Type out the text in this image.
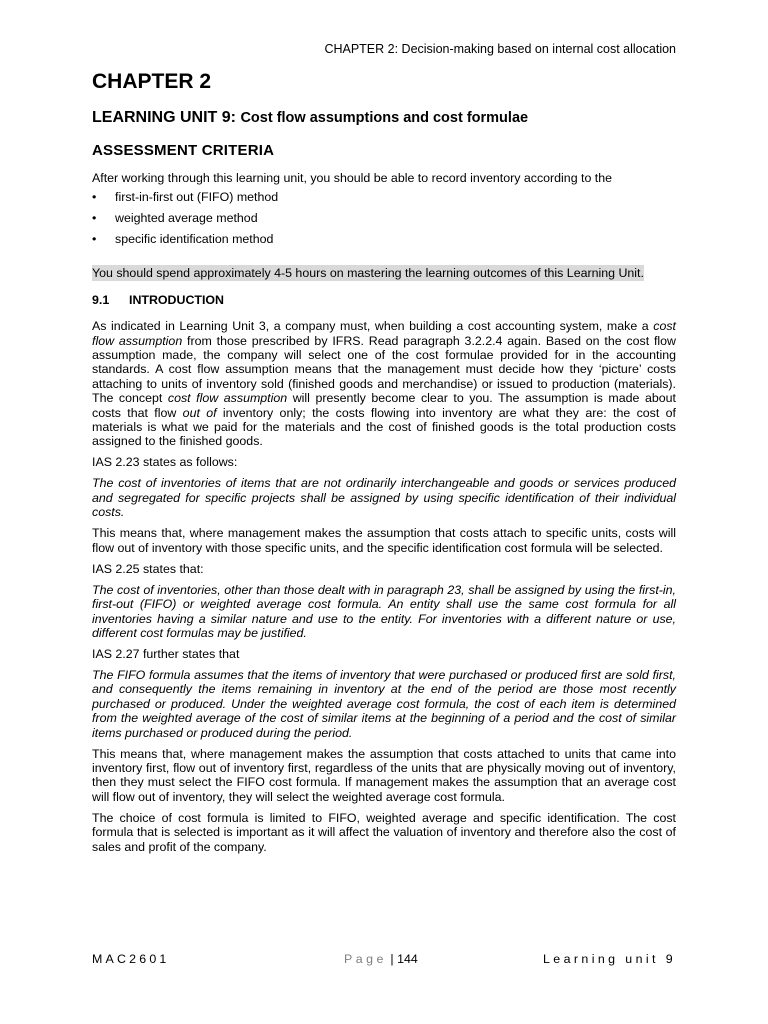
CHAPTER 2: Decision-making based on internal cost allocation
CHAPTER 2
LEARNING UNIT 9: Cost flow assumptions and cost formulae
ASSESSMENT CRITERIA

After working through this learning unit, you should be able to record inventory according to the

• first-in-first out (FIFO) method
• weighted average method
• specific identification method

You should spend approximately 4-5 hours on mastering the learning outcomes of this Learning Unit.

9.1 INTRODUCTION

As indicated in Learning Unit 3, a company must, when building a cost accounting system, make a cost flow assumption from those prescribed by IFRS. Read paragraph 3.2.2.4 again. Based on the cost flow assumption made, the company will select one of the cost formulae provided for in the accounting standards. A cost flow assumption means that the management must decide how they ‘picture’ costs attaching to units of inventory sold (finished goods and merchandise) or issued to production (materials). The concept cost flow assumption will presently become clear to you. The assumption is made about costs that flow out of inventory only; the costs flowing into inventory are what they are: the cost of materials is what we paid for the materials and the cost of finished goods is the total production costs assigned to the finished goods.

IAS 2.23 states as follows:

The cost of inventories of items that are not ordinarily interchangeable and goods or services produced and segregated for specific projects shall be assigned by using specific identification of their individual costs.

This means that, where management makes the assumption that costs attach to specific units, costs will flow out of inventory with those specific units, and the specific identification cost formula will be selected.

IAS 2.25 states that:

The cost of inventories, other than those dealt with in paragraph 23, shall be assigned by using the first-in, first-out (FIFO) or weighted average cost formula. An entity shall use the same cost formula for all inventories having a similar nature and use to the entity. For inventories with a different nature or use, different cost formulas may be justified.

IAS 2.27 further states that

The FIFO formula assumes that the items of inventory that were purchased or produced first are sold first, and consequently the items remaining in inventory at the end of the period are those most recently purchased or produced. Under the weighted average cost formula, the cost of each item is determined from the weighted average of the cost of similar items at the beginning of a period and the cost of similar items purchased or produced during the period.

This means that, where management makes the assumption that costs attached to units that came into inventory first, flow out of inventory first, regardless of the units that are physically moving out of inventory, then they must select the FIFO cost formula. If management makes the assumption that an average cost will flow out of inventory, they will select the weighted average cost formula.

The choice of cost formula is limited to FIFO, weighted average and specific identification. The cost formula that is selected is important as it will affect the valuation of inventory and therefore also the cost of sales and profit of the company.

MAC2601	Page | 144	Learning unit 9
